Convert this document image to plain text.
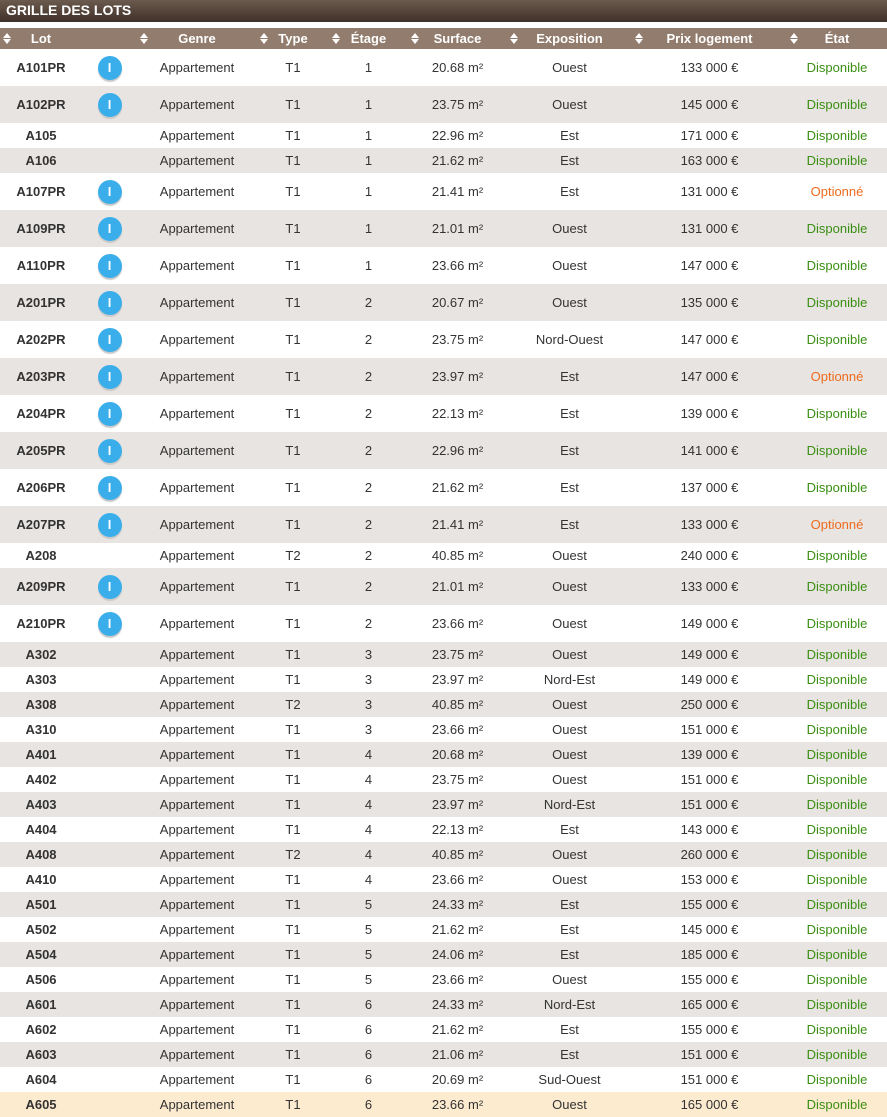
GRILLE DES LOTS
Lot		Genre	Type	Étage	Surface	Exposition	Prix logement	État
A101PR	I	Appartement	T1	1	20.68 m²	Ouest	133 000 €	Disponible
A102PR	I	Appartement	T1	1	23.75 m²	Ouest	145 000 €	Disponible
A105		Appartement	T1	1	22.96 m²	Est	171 000 €	Disponible
A106		Appartement	T1	1	21.62 m²	Est	163 000 €	Disponible
A107PR	I	Appartement	T1	1	21.41 m²	Est	131 000 €	Optionné
A109PR	I	Appartement	T1	1	21.01 m²	Ouest	131 000 €	Disponible
A110PR	I	Appartement	T1	1	23.66 m²	Ouest	147 000 €	Disponible
A201PR	I	Appartement	T1	2	20.67 m²	Ouest	135 000 €	Disponible
A202PR	I	Appartement	T1	2	23.75 m²	Nord-Ouest	147 000 €	Disponible
A203PR	I	Appartement	T1	2	23.97 m²	Est	147 000 €	Optionné
A204PR	I	Appartement	T1	2	22.13 m²	Est	139 000 €	Disponible
A205PR	I	Appartement	T1	2	22.96 m²	Est	141 000 €	Disponible
A206PR	I	Appartement	T1	2	21.62 m²	Est	137 000 €	Disponible
A207PR	I	Appartement	T1	2	21.41 m²	Est	133 000 €	Optionné
A208		Appartement	T2	2	40.85 m²	Ouest	240 000 €	Disponible
A209PR	I	Appartement	T1	2	21.01 m²	Ouest	133 000 €	Disponible
A210PR	I	Appartement	T1	2	23.66 m²	Ouest	149 000 €	Disponible
A302		Appartement	T1	3	23.75 m²	Ouest	149 000 €	Disponible
A303		Appartement	T1	3	23.97 m²	Nord-Est	149 000 €	Disponible
A308		Appartement	T2	3	40.85 m²	Ouest	250 000 €	Disponible
A310		Appartement	T1	3	23.66 m²	Ouest	151 000 €	Disponible
A401		Appartement	T1	4	20.68 m²	Ouest	139 000 €	Disponible
A402		Appartement	T1	4	23.75 m²	Ouest	151 000 €	Disponible
A403		Appartement	T1	4	23.97 m²	Nord-Est	151 000 €	Disponible
A404		Appartement	T1	4	22.13 m²	Est	143 000 €	Disponible
A408		Appartement	T2	4	40.85 m²	Ouest	260 000 €	Disponible
A410		Appartement	T1	4	23.66 m²	Ouest	153 000 €	Disponible
A501		Appartement	T1	5	24.33 m²	Est	155 000 €	Disponible
A502		Appartement	T1	5	21.62 m²	Est	145 000 €	Disponible
A504		Appartement	T1	5	24.06 m²	Est	185 000 €	Disponible
A506		Appartement	T1	5	23.66 m²	Ouest	155 000 €	Disponible
A601		Appartement	T1	6	24.33 m²	Nord-Est	165 000 €	Disponible
A602		Appartement	T1	6	21.62 m²	Est	155 000 €	Disponible
A603		Appartement	T1	6	21.06 m²	Est	151 000 €	Disponible
A604		Appartement	T1	6	20.69 m²	Sud-Ouest	151 000 €	Disponible
A605		Appartement	T1	6	23.66 m²	Ouest	165 000 €	Disponible
